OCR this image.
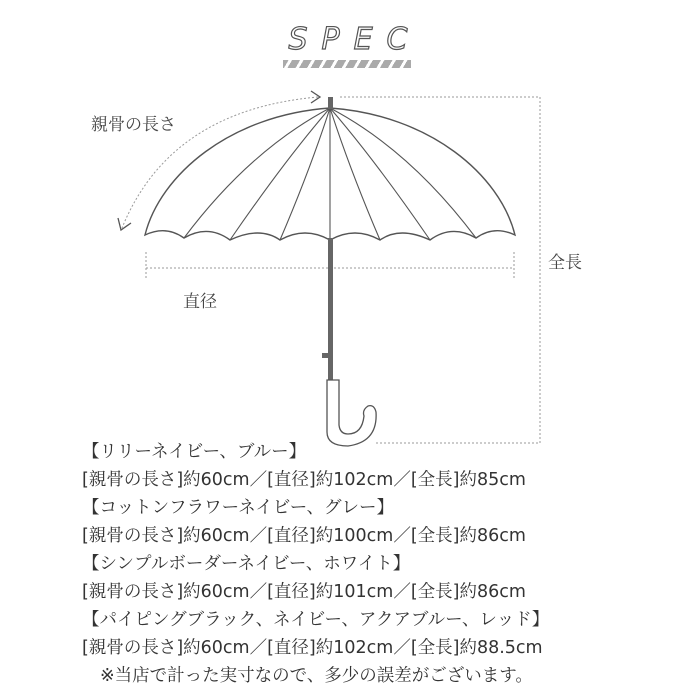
SPEC
親骨の長さ
直径
全長
【リリーネイビー、ブルー】
[親骨の長さ]約60cm／[直径]約102cm／[全長]約85cm
【コットンフラワーネイビー、グレー】
[親骨の長さ]約60cm／[直径]約100cm／[全長]約86cm
【シンプルボーダーネイビー、ホワイト】
[親骨の長さ]約60cm／[直径]約101cm／[全長]約86cm
【パイピングブラック、ネイビー、アクアブルー、レッド】
[親骨の長さ]約60cm／[直径]約102cm／[全長]約88.5cm
※当店で計った実寸なので、多少の誤差がございます。
